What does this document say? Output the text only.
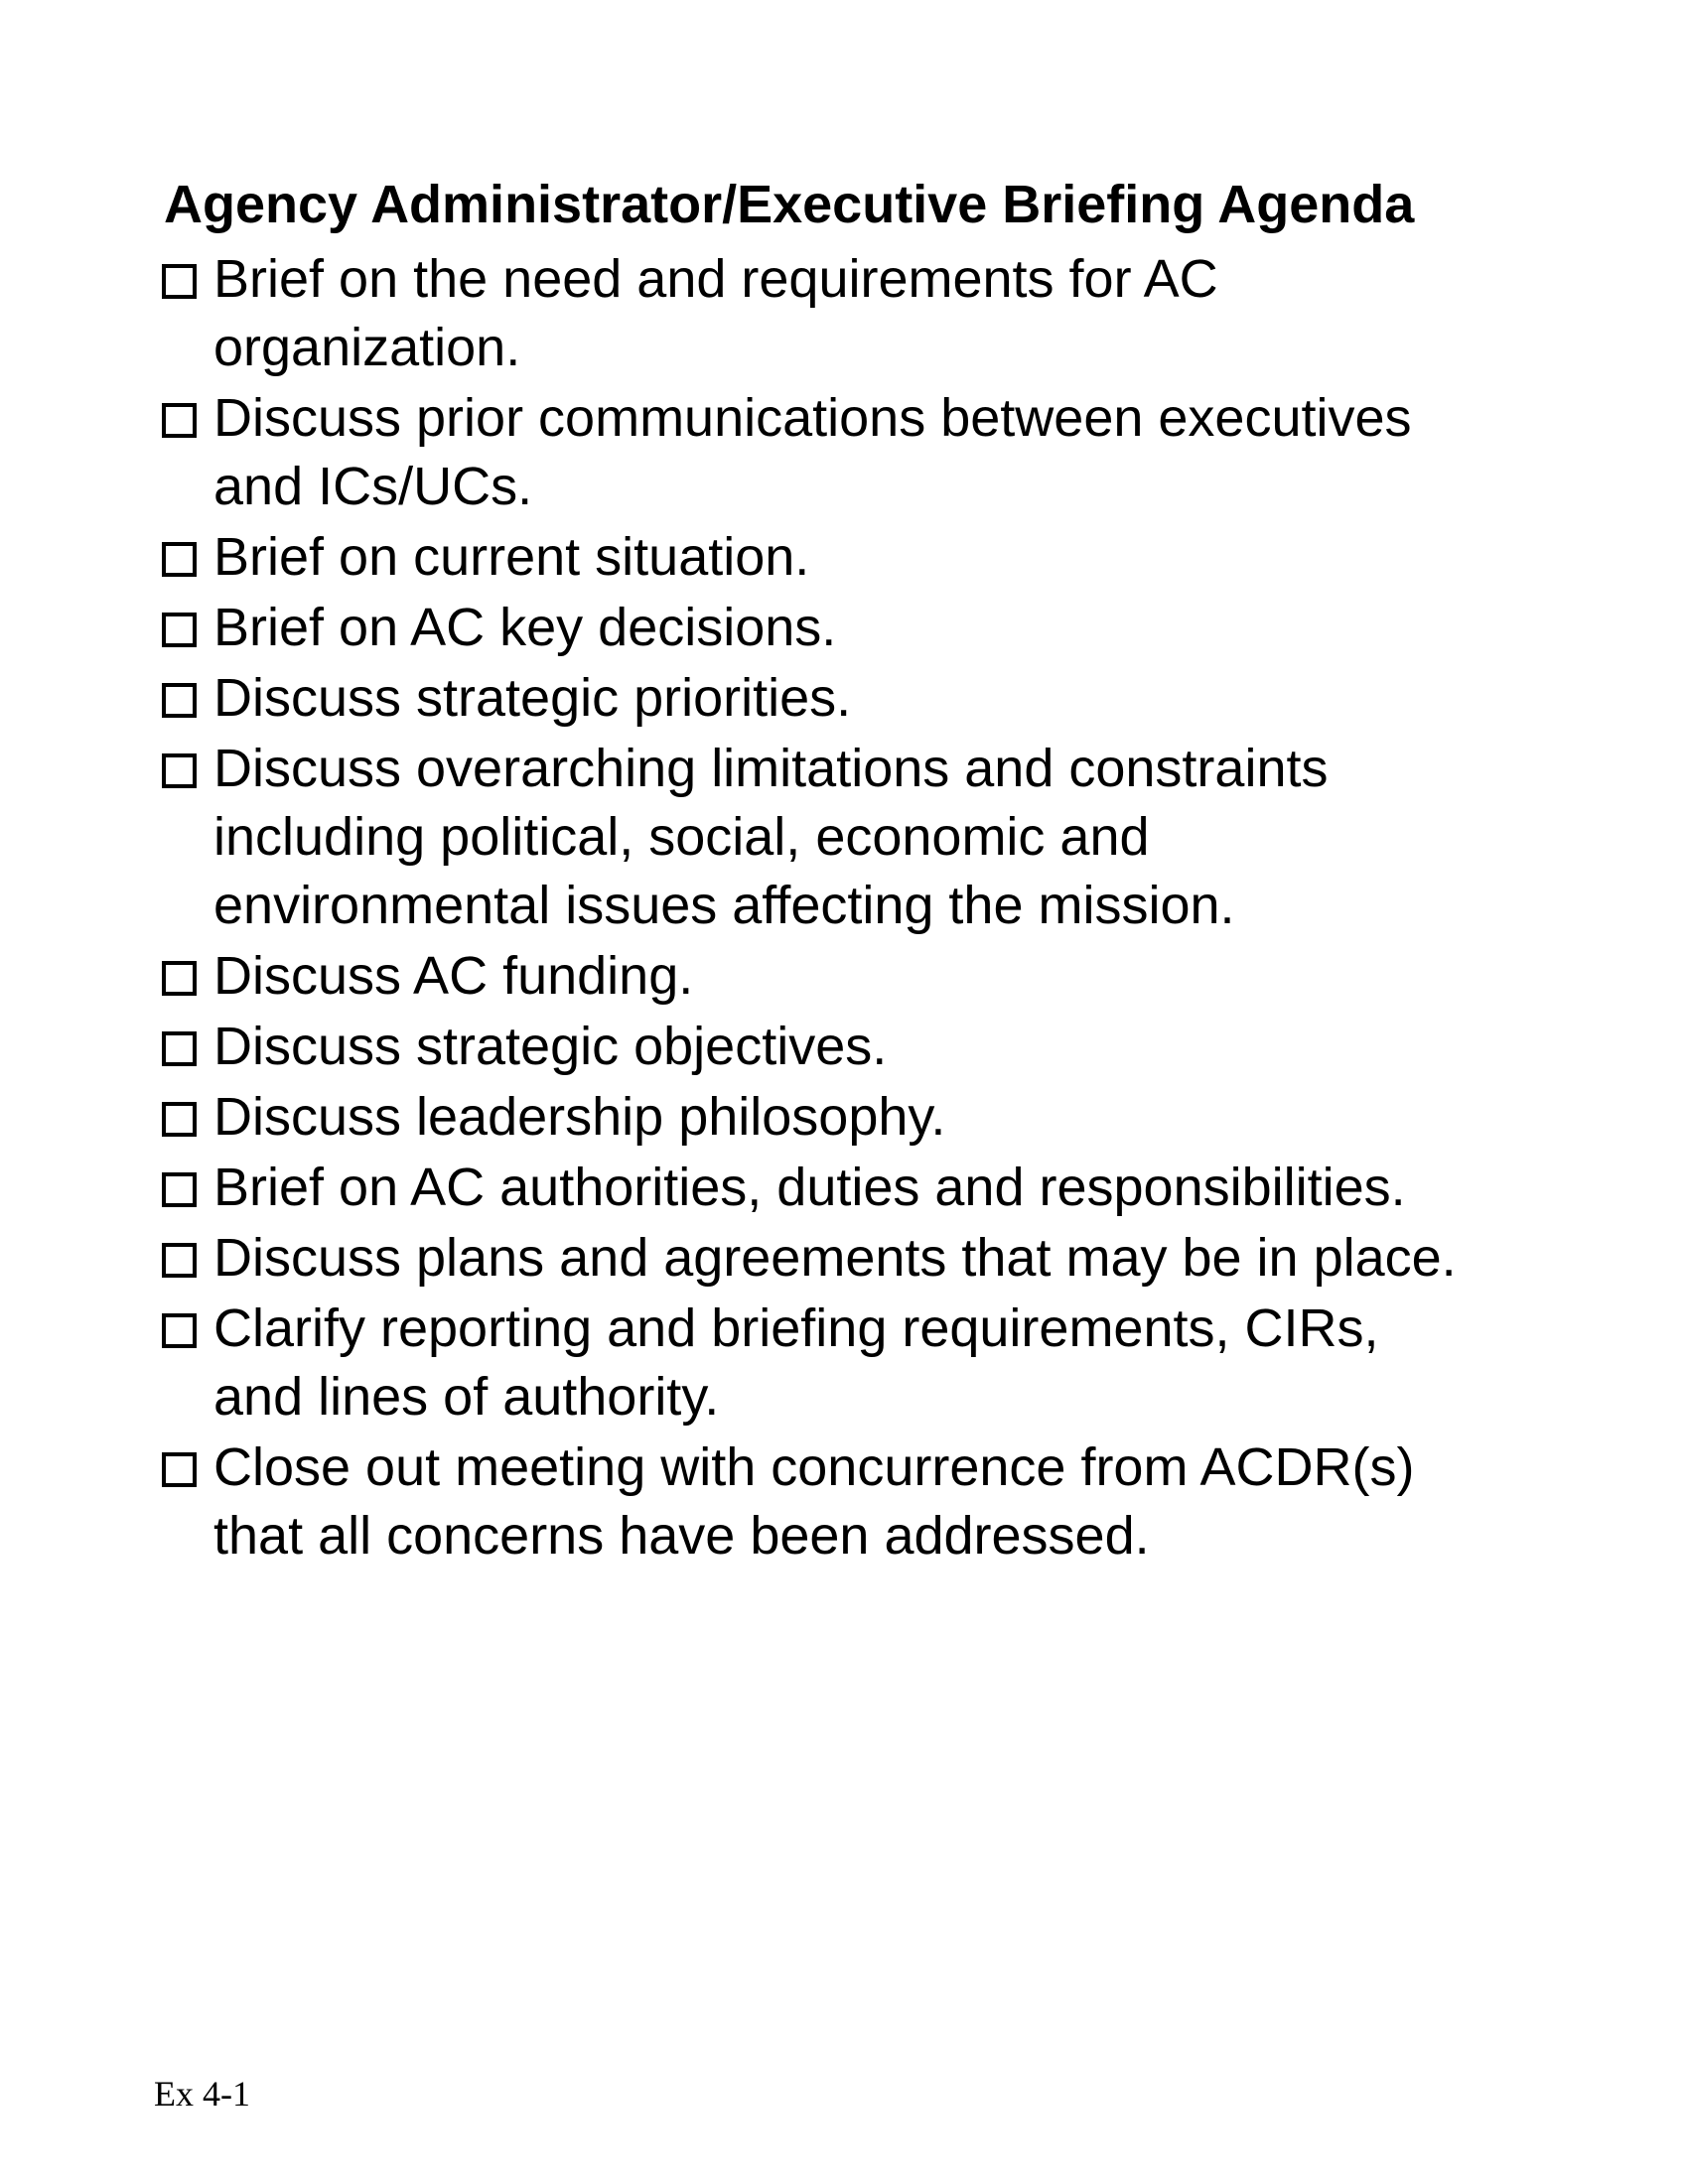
Agency Administrator/Executive Briefing Agenda
Brief on the need and requirements for AC organization.
Discuss prior communications between executives and ICs/UCs.
Brief on current situation.
Brief on AC key decisions.
Discuss strategic priorities.
Discuss overarching limitations and constraints including political, social, economic and environmental issues affecting the mission.
Discuss AC funding.
Discuss strategic objectives.
Discuss leadership philosophy.
Brief on AC authorities, duties and responsibilities.
Discuss plans and agreements that may be in place.
Clarify reporting and briefing requirements, CIRs, and lines of authority.
Close out meeting with concurrence from ACDR(s) that all concerns have been addressed.
Ex 4-1
